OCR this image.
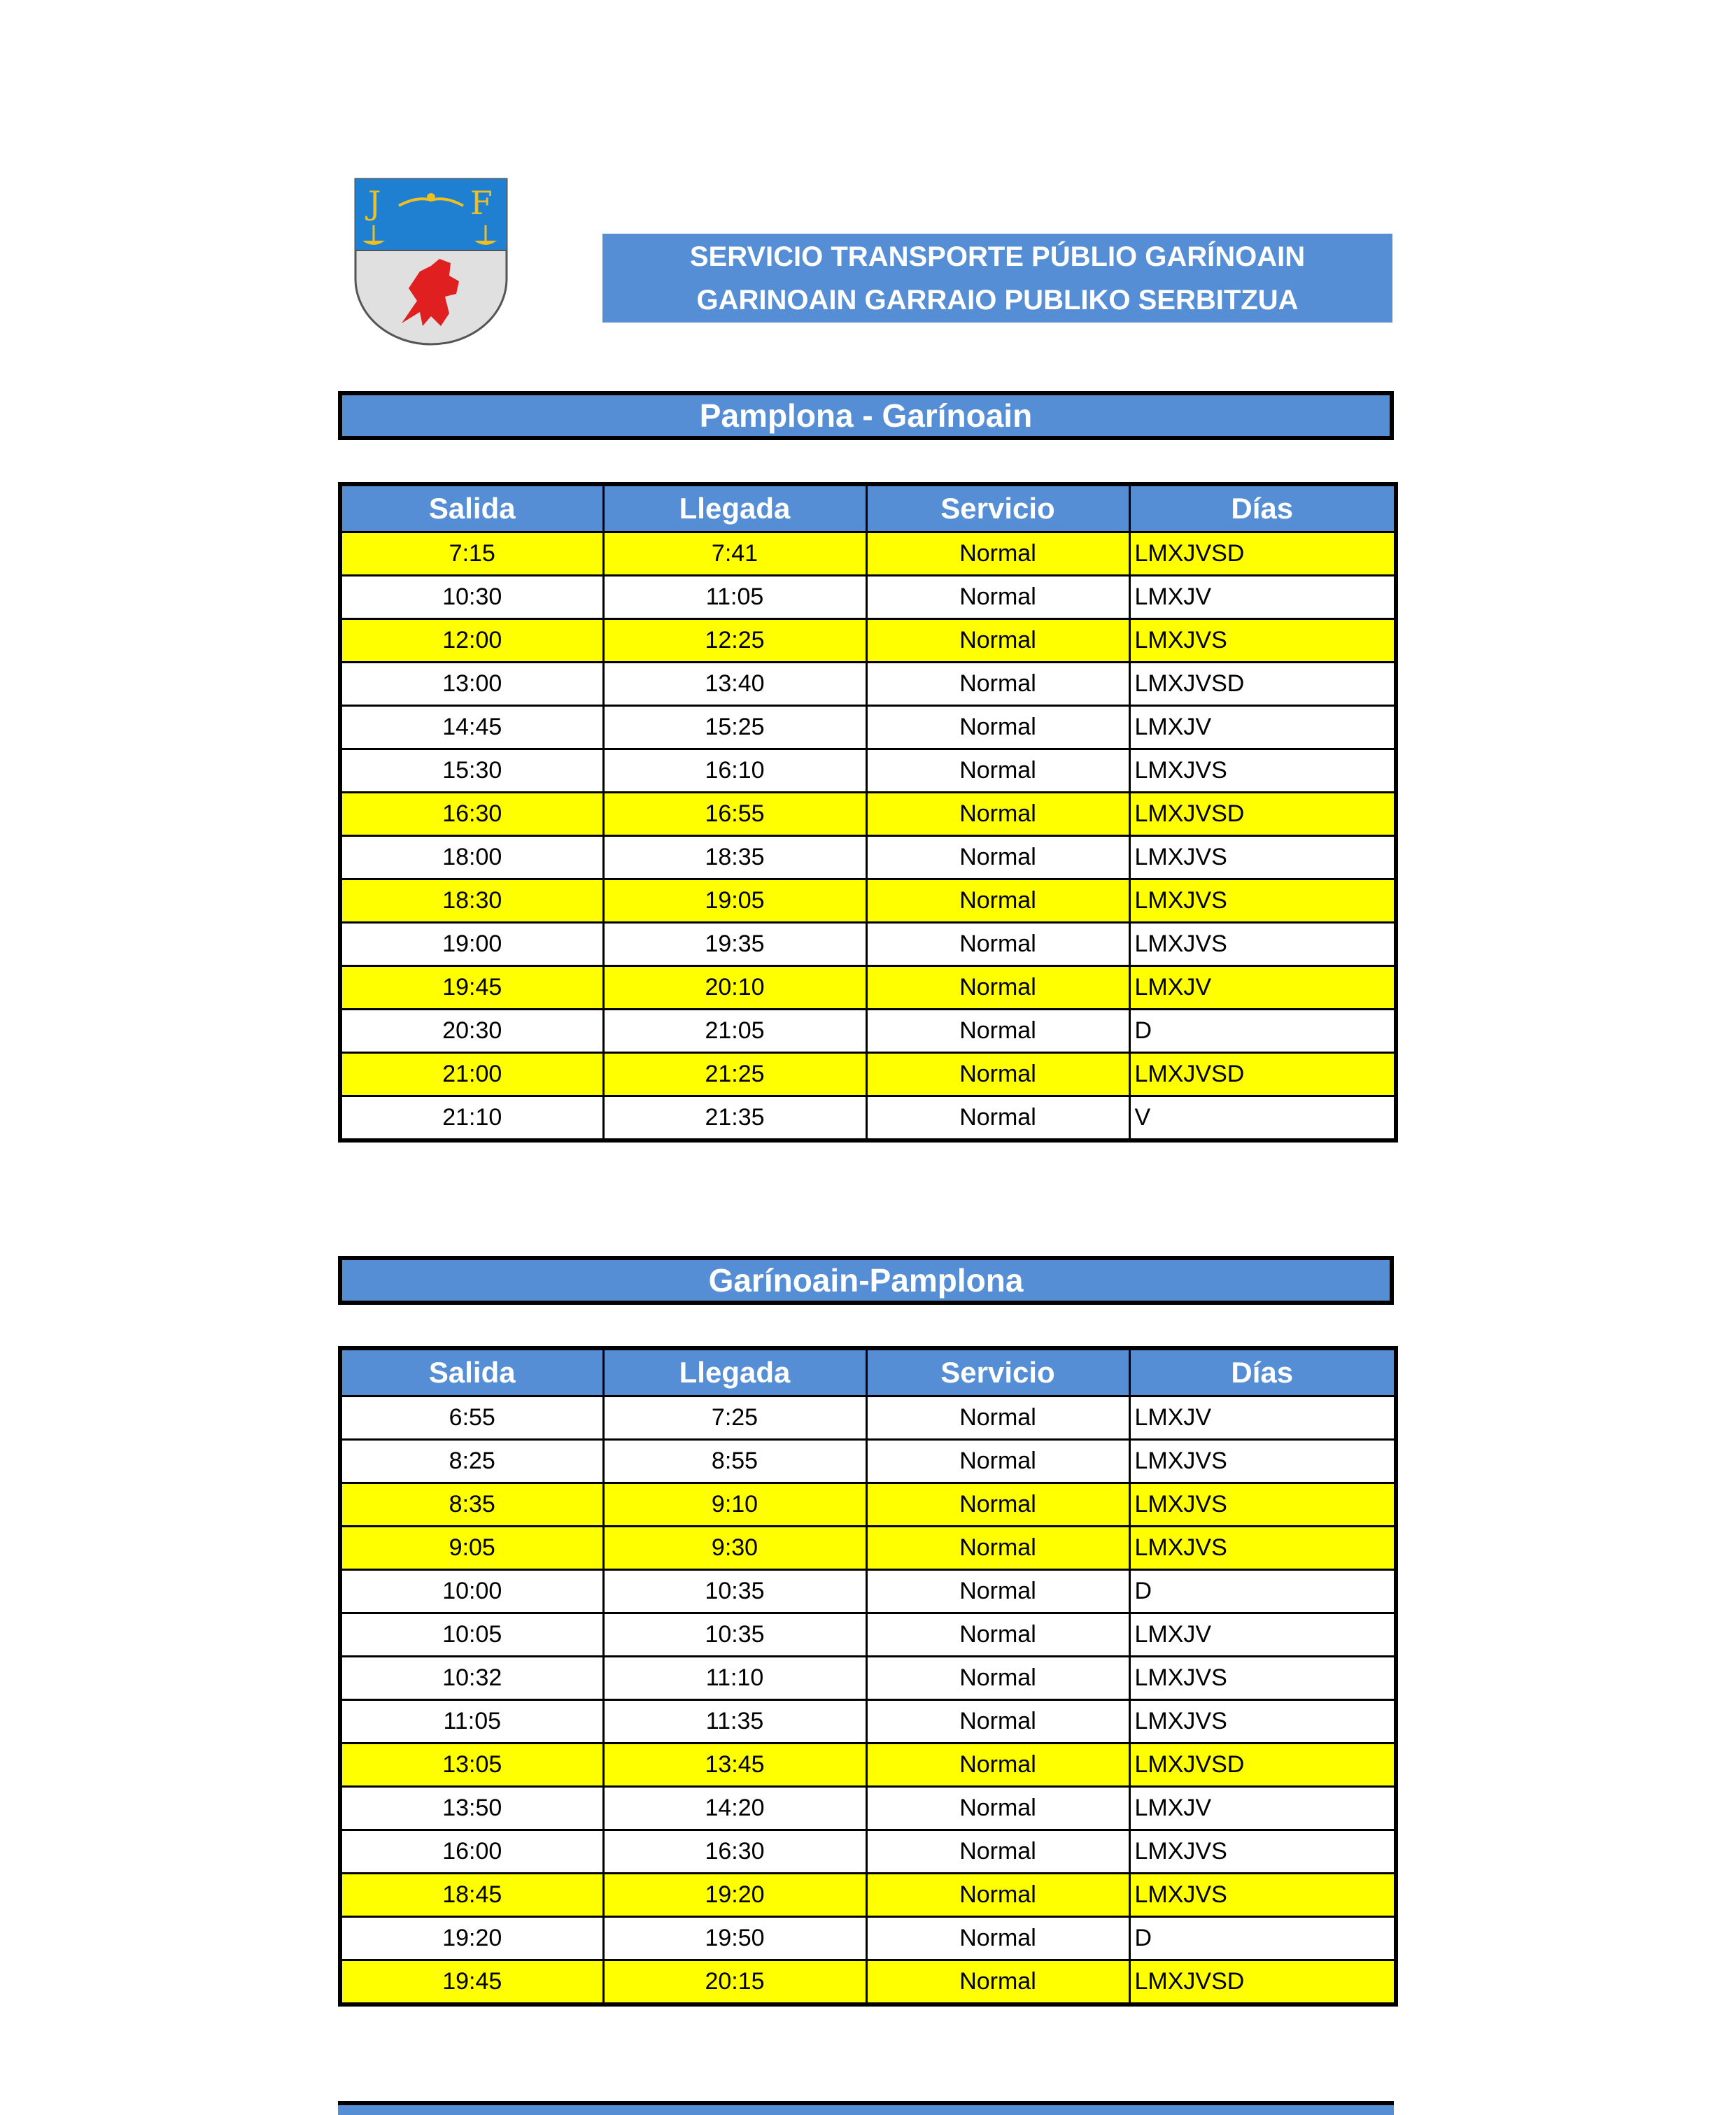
J	F
SERVICIO TRANSPORTE PÚBLIO GARÍNOAIN
GARINOAIN GARRAIO PUBLIKO SERBITZUA
Pamplona - Garínoain
Salida	Llegada	Servicio	Días
7:15	7:41	Normal	LMXJVSD
10:30	11:05	Normal	LMXJV
12:00	12:25	Normal	LMXJVS
13:00	13:40	Normal	LMXJVSD
14:45	15:25	Normal	LMXJV
15:30	16:10	Normal	LMXJVS
16:30	16:55	Normal	LMXJVSD
18:00	18:35	Normal	LMXJVS
18:30	19:05	Normal	LMXJVS
19:00	19:35	Normal	LMXJVS
19:45	20:10	Normal	LMXJV
20:30	21:05	Normal	D
21:00	21:25	Normal	LMXJVSD
21:10	21:35	Normal	V
Garínoain-Pamplona
Salida	Llegada	Servicio	Días
6:55	7:25	Normal	LMXJV
8:25	8:55	Normal	LMXJVS
8:35	9:10	Normal	LMXJVS
9:05	9:30	Normal	LMXJVS
10:00	10:35	Normal	D
10:05	10:35	Normal	LMXJV
10:32	11:10	Normal	LMXJVS
11:05	11:35	Normal	LMXJVS
13:05	13:45	Normal	LMXJVSD
13:50	14:20	Normal	LMXJV
16:00	16:30	Normal	LMXJVS
18:45	19:20	Normal	LMXJVS
19:20	19:50	Normal	D
19:45	20:15	Normal	LMXJVSD
